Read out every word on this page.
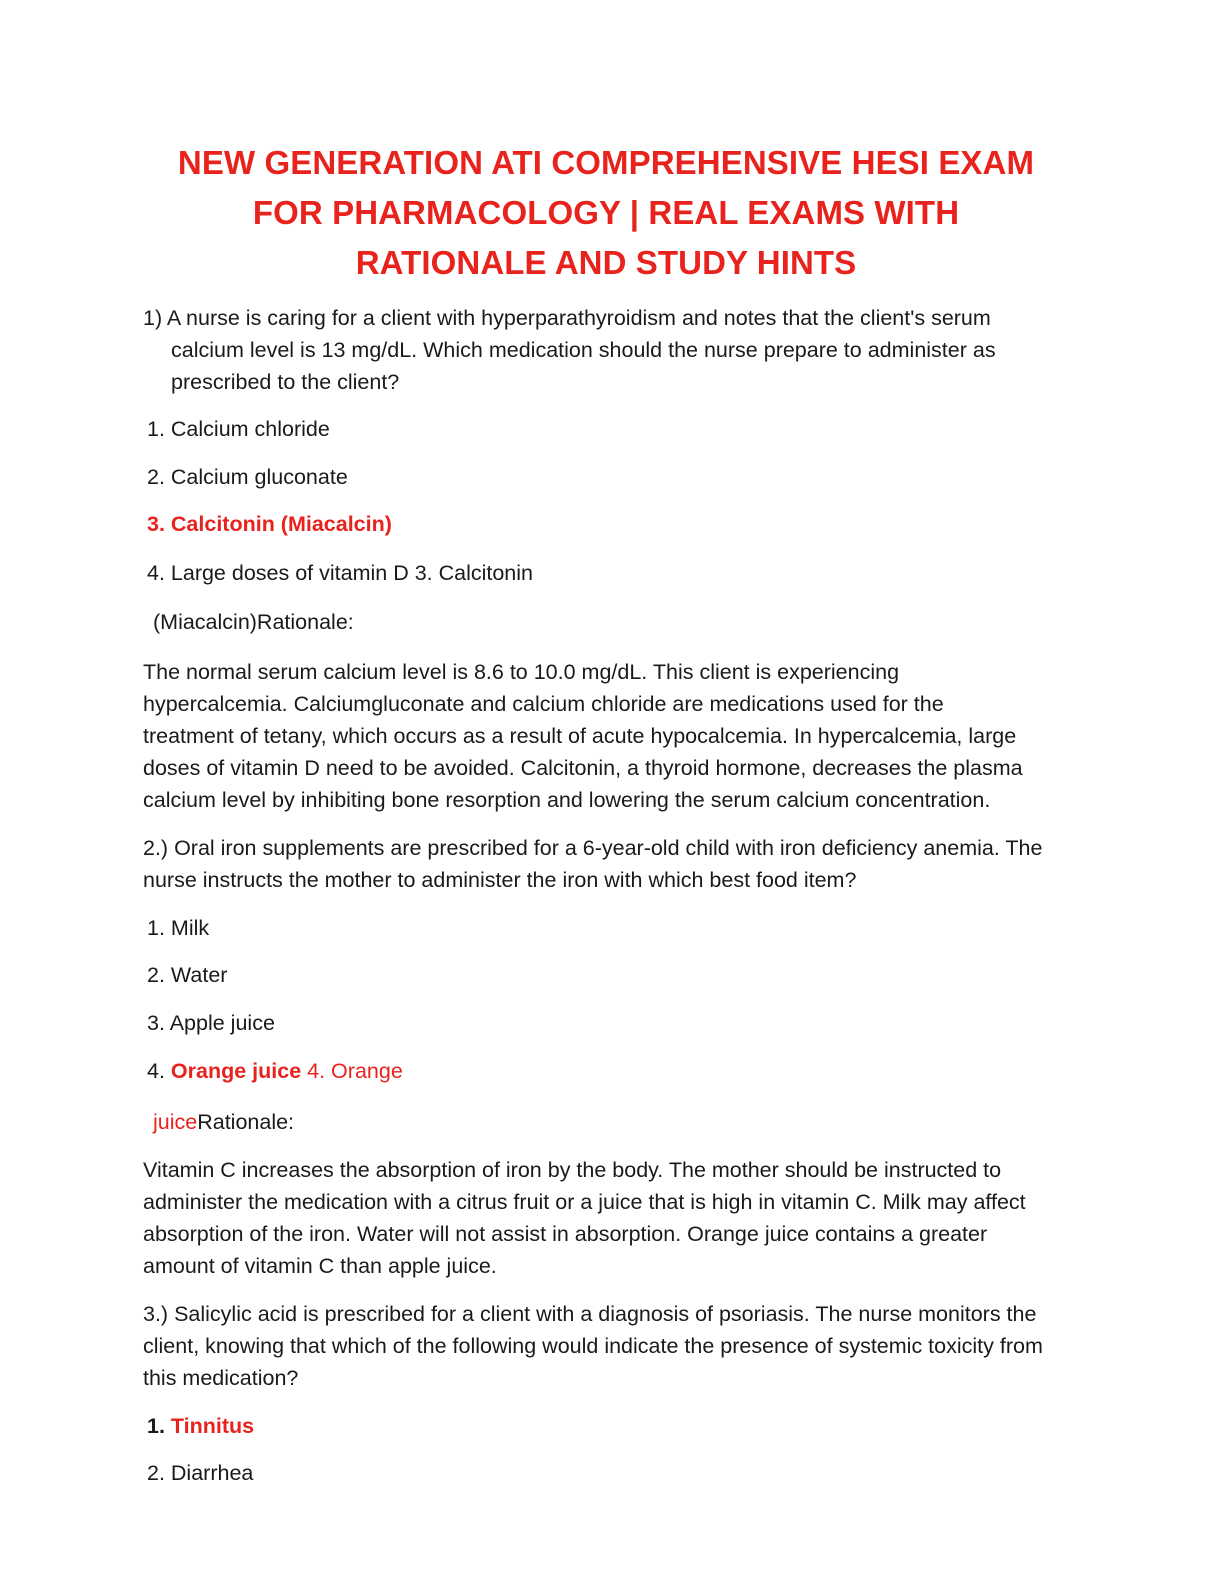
NEW GENERATION ATI COMPREHENSIVE HESI EXAM
FOR PHARMACOLOGY | REAL EXAMS WITH
RATIONALE AND STUDY HINTS
1) A nurse is caring for a client with hyperparathyroidism and notes that the client's serum
calcium level is 13 mg/dL. Which medication should the nurse prepare to administer as
prescribed to the client?
1. Calcium chloride
2. Calcium gluconate
3. Calcitonin (Miacalcin)
4. Large doses of vitamin D 3. Calcitonin
(Miacalcin)Rationale:
The normal serum calcium level is 8.6 to 10.0 mg/dL. This client is experiencing
hypercalcemia. Calciumgluconate and calcium chloride are medications used for the
treatment of tetany, which occurs as a result of acute hypocalcemia. In hypercalcemia, large
doses of vitamin D need to be avoided. Calcitonin, a thyroid hormone, decreases the plasma
calcium level by inhibiting bone resorption and lowering the serum calcium concentration.
2.) Oral iron supplements are prescribed for a 6-year-old child with iron deficiency anemia. The
nurse instructs the mother to administer the iron with which best food item?
1. Milk
2. Water
3. Apple juice
4. Orange juice 4. Orange
juiceRationale:
Vitamin C increases the absorption of iron by the body. The mother should be instructed to
administer the medication with a citrus fruit or a juice that is high in vitamin C. Milk may affect
absorption of the iron. Water will not assist in absorption. Orange juice contains a greater
amount of vitamin C than apple juice.
3.) Salicylic acid is prescribed for a client with a diagnosis of psoriasis. The nurse monitors the
client, knowing that which of the following would indicate the presence of systemic toxicity from
this medication?
1. Tinnitus
2. Diarrhea
